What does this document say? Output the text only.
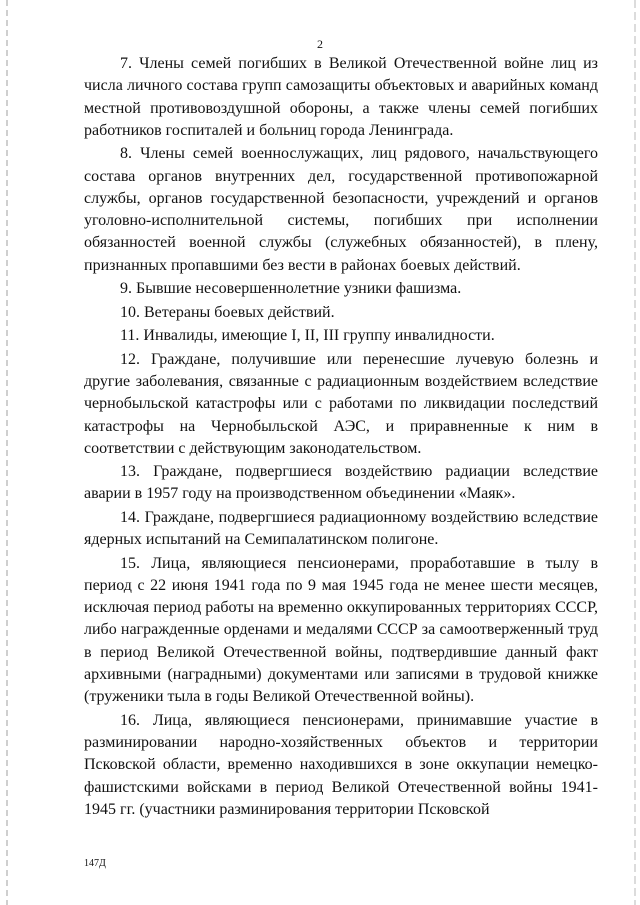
2

7. Члены семей погибших в Великой Отечественной войне лиц из числа личного состава групп самозащиты объектовых и аварийных команд местной противовоздушной обороны, а также члены семей погибших работников госпиталей и больниц города Ленинграда.

8. Члены семей военнослужащих, лиц рядового, начальствующего состава органов внутренних дел, государственной противопожарной службы, органов государственной безопасности, учреждений и органов уголовно-исполнительной системы, погибших при исполнении обязанностей военной службы (служебных обязанностей), в плену, признанных пропавшими без вести в районах боевых действий.

9. Бывшие несовершеннолетние узники фашизма.

10. Ветераны боевых действий.

11. Инвалиды, имеющие I, II, III группу инвалидности.

12. Граждане, получившие или перенесшие лучевую болезнь и другие заболевания, связанные с радиационным воздействием вследствие чернобыльской катастрофы или с работами по ликвидации последствий катастрофы на Чернобыльской АЭС, и приравненные к ним в соответствии с действующим законодательством.

13. Граждане, подвергшиеся воздействию радиации вследствие аварии в 1957 году на производственном объединении «Маяк».

14. Граждане, подвергшиеся радиационному воздействию вследствие ядерных испытаний на Семипалатинском полигоне.

15. Лица, являющиеся пенсионерами, проработавшие в тылу в период с 22 июня 1941 года по 9 мая 1945 года не менее шести месяцев, исключая период работы на временно оккупированных территориях СССР, либо награжденные орденами и медалями СССР за самоотверженный труд в период Великой Отечественной войны, подтвердившие данный факт архивными (наградными) документами или записями в трудовой книжке (труженики тыла в годы Великой Отечественной войны).

16. Лица, являющиеся пенсионерами, принимавшие участие в разминировании народно-хозяйственных объектов и территории Псковской области, временно находившихся в зоне оккупации немецко-фашистскими войсками в период Великой Отечественной войны 1941-1945 гг. (участники разминирования территории Псковской

147Д
